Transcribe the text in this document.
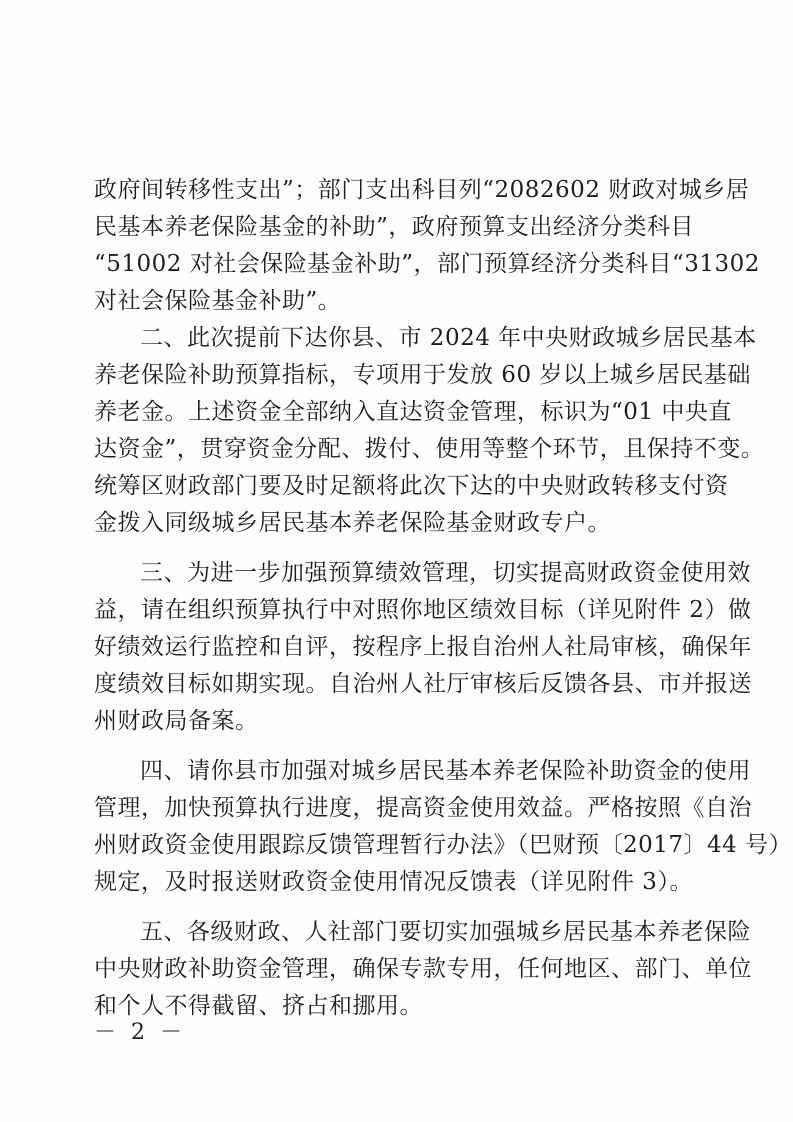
政府间转移性支出”；部门支出科目列“2082602 财政对城乡居
民基本养老保险基金的补助”，政府预算支出经济分类科目
“51002 对社会保险基金补助”，部门预算经济分类科目“31302
对社会保险基金补助”。
二、此次提前下达你县、市 2024 年中央财政城乡居民基本
养老保险补助预算指标，专项用于发放 60 岁以上城乡居民基础
养老金。上述资金全部纳入直达资金管理，标识为“01 中央直
达资金”，贯穿资金分配、拨付、使用等整个环节，且保持不变。
统筹区财政部门要及时足额将此次下达的中央财政转移支付资
金拨入同级城乡居民基本养老保险基金财政专户。
三、为进一步加强预算绩效管理，切实提高财政资金使用效
益，请在组织预算执行中对照你地区绩效目标（详见附件 2）做
好绩效运行监控和自评，按程序上报自治州人社局审核，确保年
度绩效目标如期实现。自治州人社厅审核后反馈各县、市并报送
州财政局备案。
四、请你县市加强对城乡居民基本养老保险补助资金的使用
管理，加快预算执行进度，提高资金使用效益。严格按照《自治
州财政资金使用跟踪反馈管理暂行办法》（巴财预〔2017〕44 号）
规定，及时报送财政资金使用情况反馈表（详见附件 3）。
五、各级财政、人社部门要切实加强城乡居民基本养老保险
中央财政补助资金管理，确保专款专用，任何地区、部门、单位
和个人不得截留、挤占和挪用。
－ 2 －
